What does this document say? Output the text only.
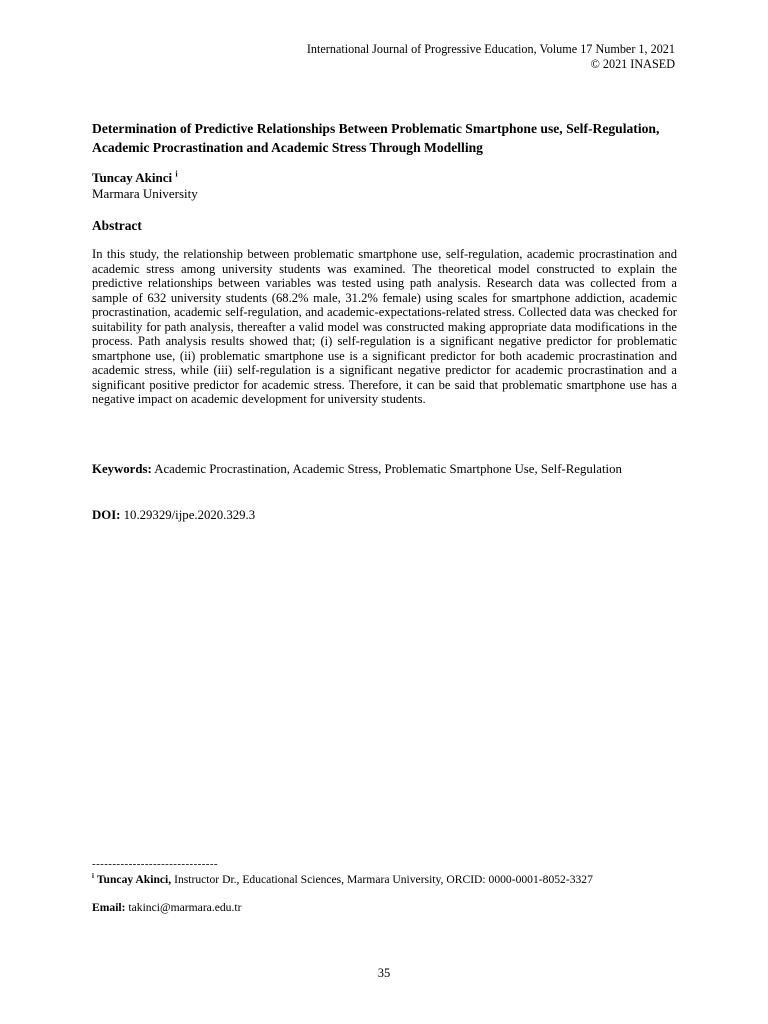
International Journal of Progressive Education, Volume 17 Number 1, 2021
© 2021 INASED
Determination of Predictive Relationships Between Problematic Smartphone use, Self-Regulation, Academic Procrastination and Academic Stress Through Modelling
Tuncay Akinci $^i$
Marmara University
Abstract

In this study, the relationship between problematic smartphone use, self-regulation, academic procrastination and academic stress among university students was examined. The theoretical model constructed to explain the predictive relationships between variables was tested using path analysis. Research data was collected from a sample of 632 university students (68.2% male, 31.2% female) using scales for smartphone addiction, academic procrastination, academic self-regulation, and academic-expectations-related stress. Collected data was checked for suitability for path analysis, thereafter a valid model was constructed making appropriate data modifications in the process. Path analysis results showed that; (i) self-regulation is a significant negative predictor for problematic smartphone use, (ii) problematic smartphone use is a significant predictor for both academic procrastination and academic stress, while (iii) self-regulation is a significant negative predictor for academic procrastination and a significant positive predictor for academic stress. Therefore, it can be said that problematic smartphone use has a negative impact on academic development for university students.

Keywords: Academic Procrastination, Academic Stress, Problematic Smartphone Use, Self-Regulation

DOI: 10.29329/ijpe.2020.329.3

-------------------------------

$^i$ Tuncay Akinci, Instructor Dr., Educational Sciences, Marmara University, ORCID: 0000-0001-8052-3327

Email: takinci@marmara.edu.tr

35
